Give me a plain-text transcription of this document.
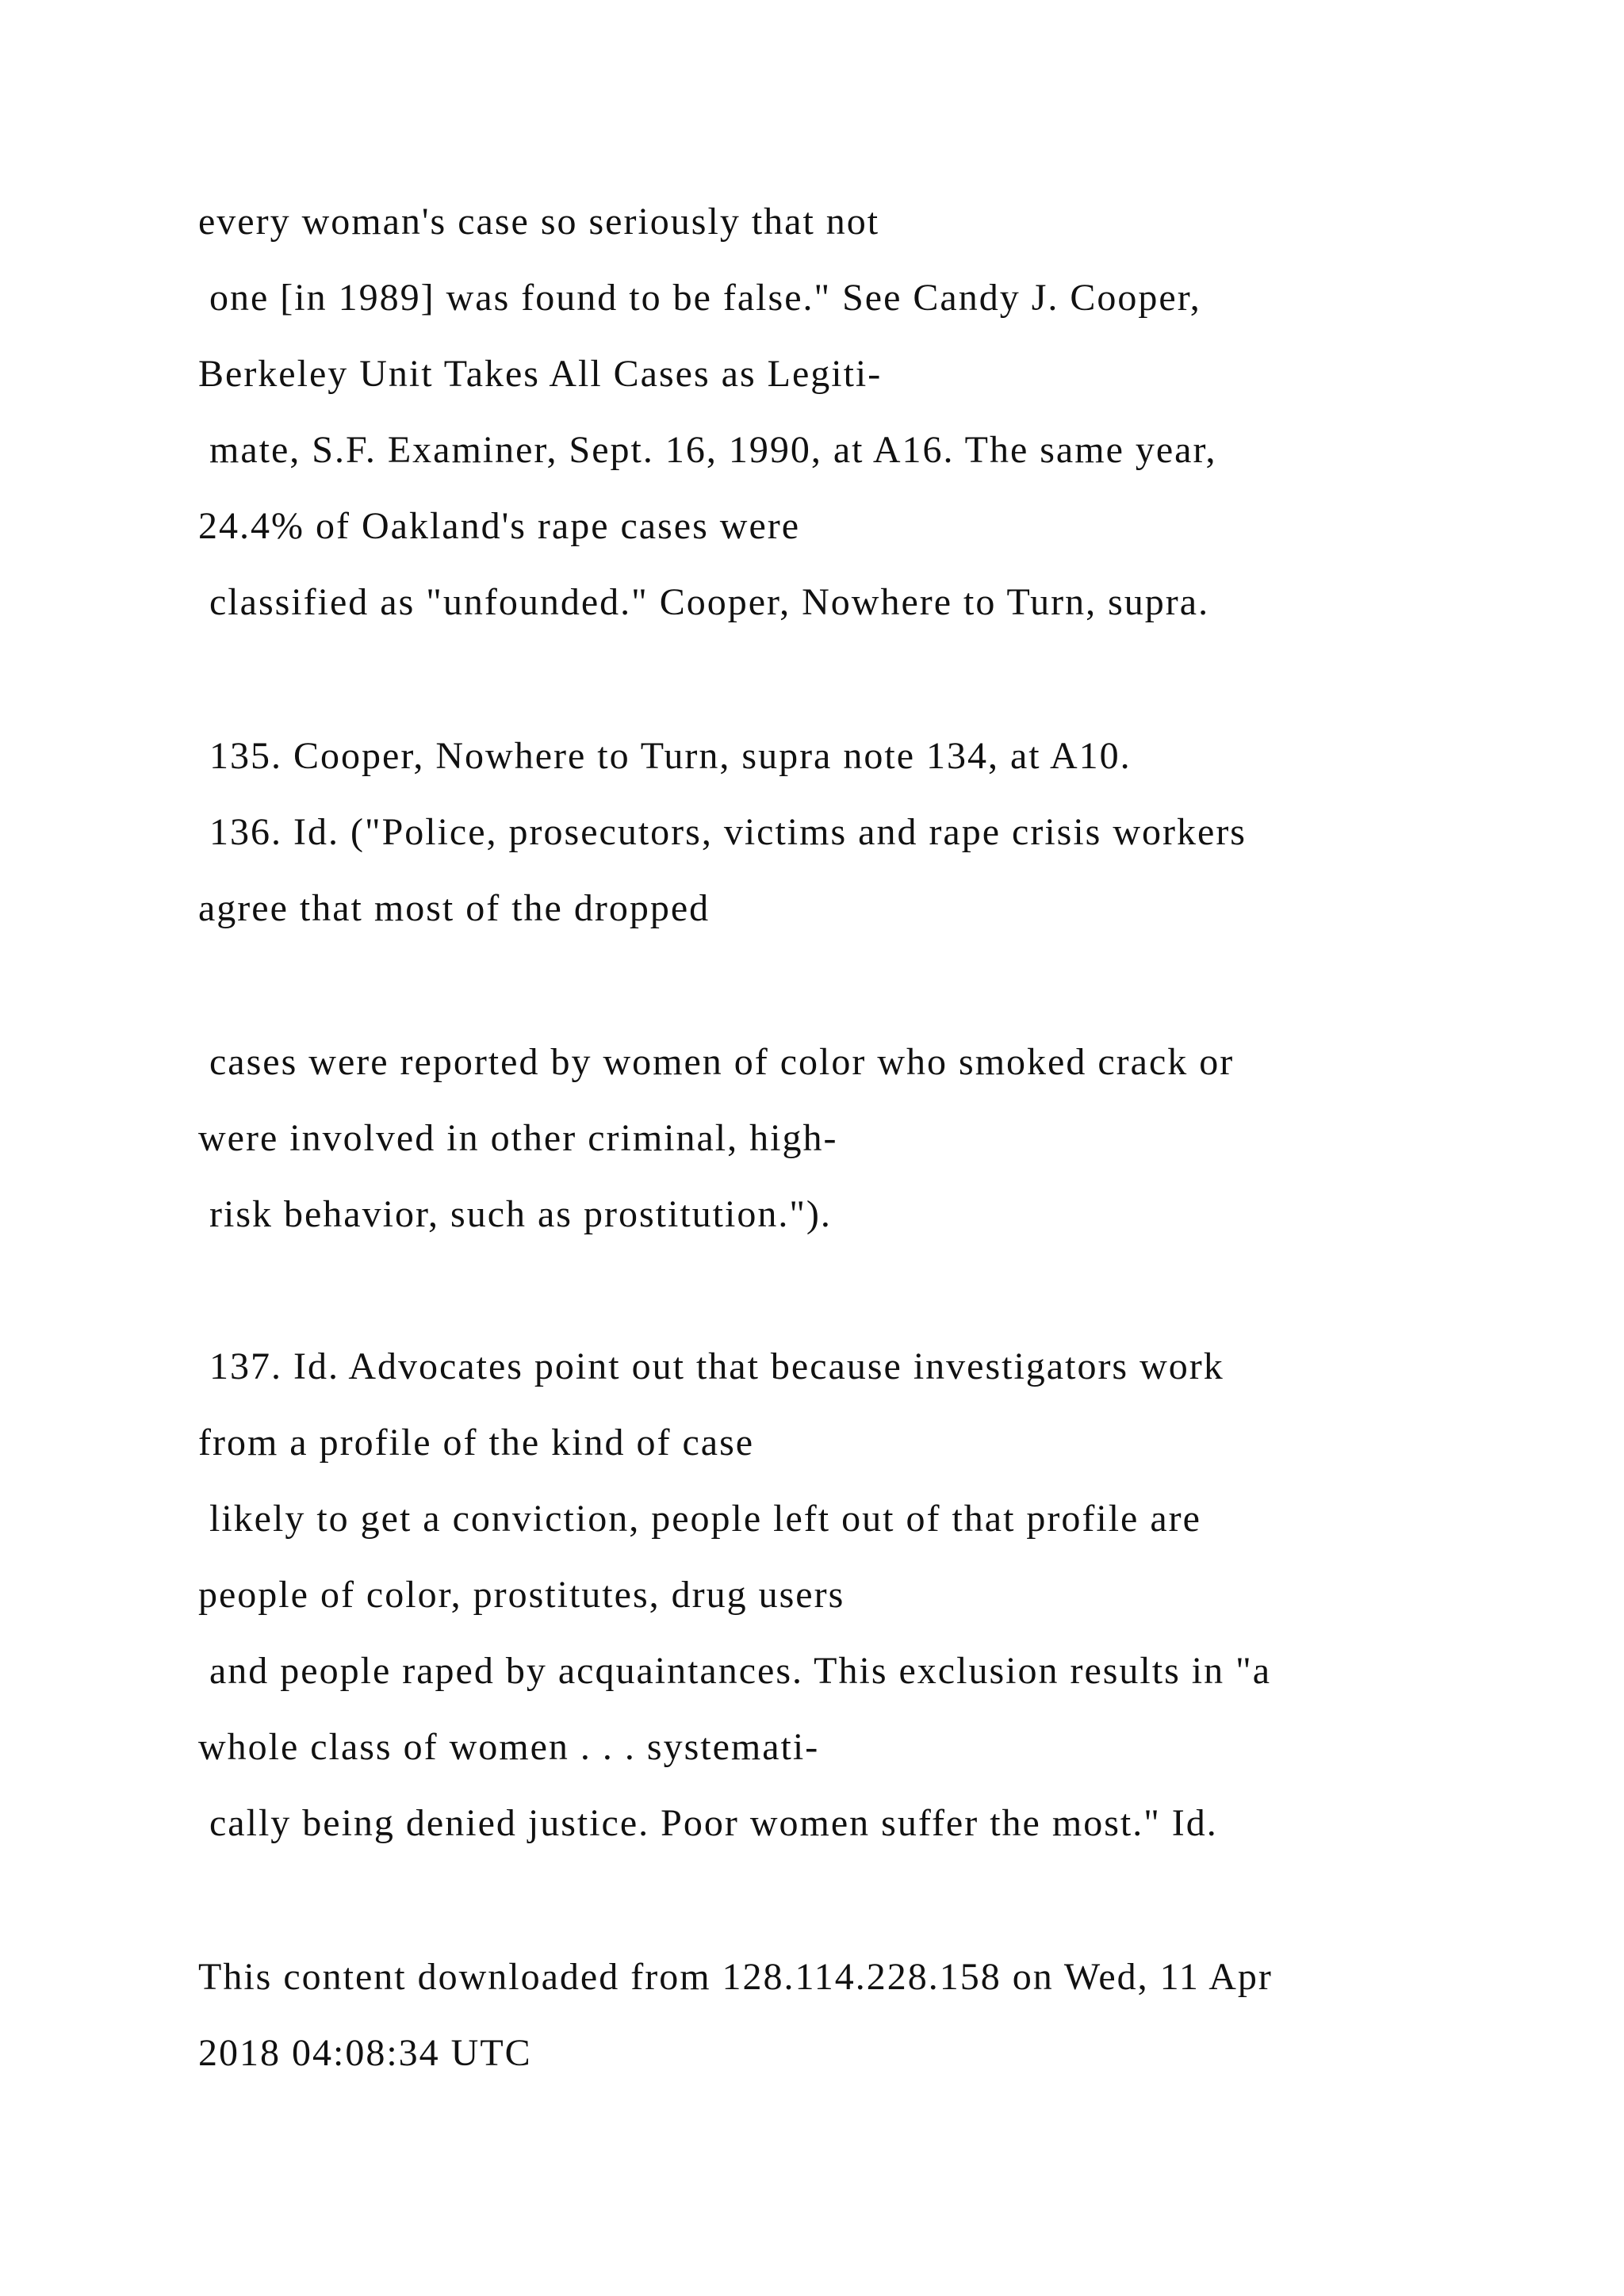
every woman's case so seriously that not
one [in 1989] was found to be false." See Candy J. Cooper,
Berkeley Unit Takes All Cases as Legiti-
mate, S.F. Examiner, Sept. 16, 1990, at A16. The same year,
24.4% of Oakland's rape cases were
classified as "unfounded." Cooper, Nowhere to Turn, supra.
135. Cooper, Nowhere to Turn, supra note 134, at A10.
136. Id. ("Police, prosecutors, victims and rape crisis workers
agree that most of the dropped
cases were reported by women of color who smoked crack or
were involved in other criminal, high-
risk behavior, such as prostitution.").
137. Id. Advocates point out that because investigators work
from a profile of the kind of case
likely to get a conviction, people left out of that profile are
people of color, prostitutes, drug users
and people raped by acquaintances. This exclusion results in "a
whole class of women . . . systemati-
cally being denied justice. Poor women suffer the most." Id.
This content downloaded from 128.114.228.158 on Wed, 11 Apr
2018 04:08:34 UTC
